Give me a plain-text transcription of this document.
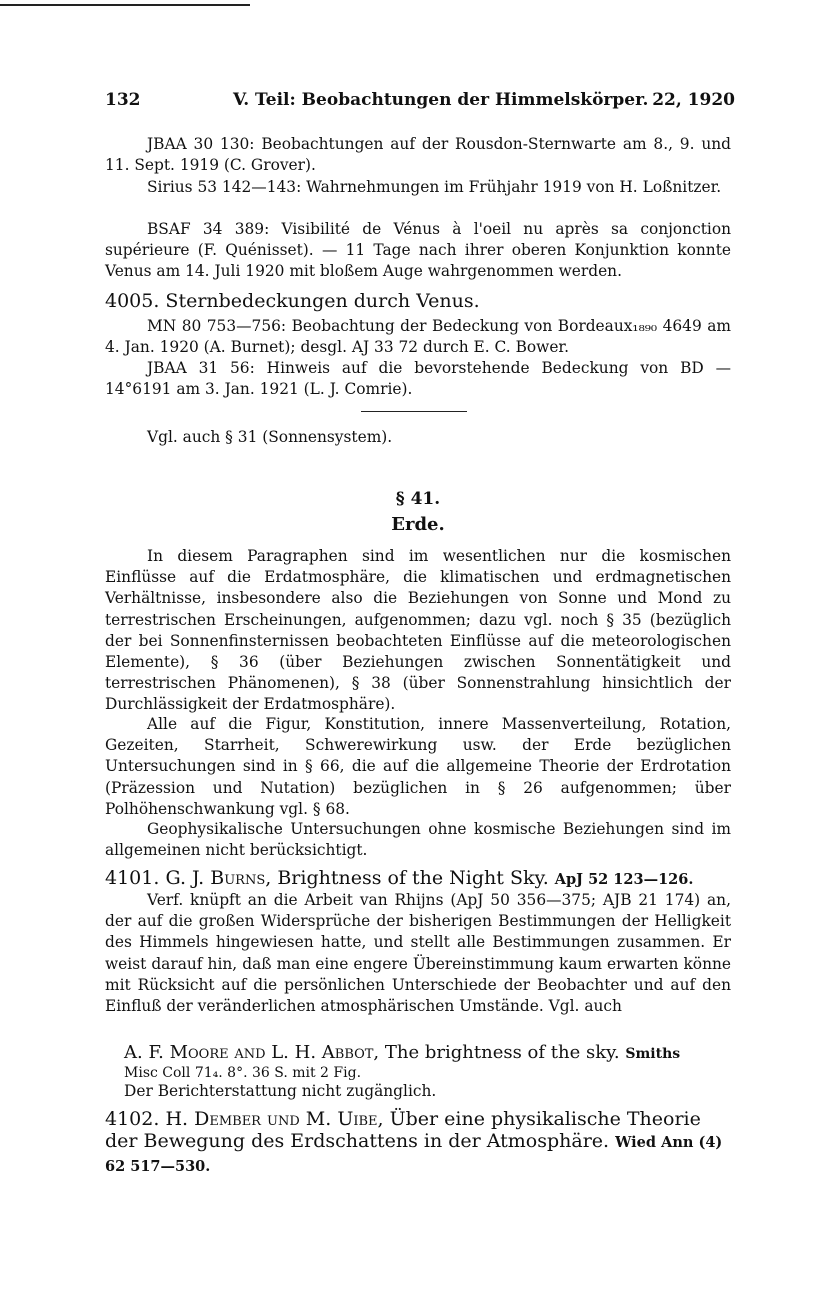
132	V. Teil: Beobachtungen der Himmelskörper. 22, 1920

JBAA 30 130: Beobachtungen auf der Rousdon-Sternwarte am 8., 9. und 11. Sept. 1919 (C. Grover).

Sirius 53 142—143: Wahrnehmungen im Frühjahr 1919 von H. Loßnitzer.

BSAF 34 389: Visibilité de Vénus à l'oeil nu après sa conjonction supérieure (F. Quénisset). — 11 Tage nach ihrer oberen Konjunktion konnte Venus am 14. Juli 1920 mit bloßem Auge wahrgenommen werden.

4005. Sternbedeckungen durch Venus.

MN 80 753—756: Beobachtung der Bedeckung von Bordeaux₁₈₉₀ 4649 am 4. Jan. 1920 (A. Burnet); desgl. AJ 33 72 durch E. C. Bower.

JBAA 31 56: Hinweis auf die bevorstehende Bedeckung von BD — 14°6191 am 3. Jan. 1921 (L. J. Comrie).

Vgl. auch § 31 (Sonnensystem).

§ 41.

Erde.

In diesem Paragraphen sind im wesentlichen nur die kosmischen Einflüsse auf die Erdatmosphäre, die klimatischen und erdmagnetischen Verhältnisse, insbesondere also die Beziehungen von Sonne und Mond zu terrestrischen Erscheinungen, aufgenommen; dazu vgl. noch § 35 (bezüglich der bei Sonnenfinsternissen beobachteten Einflüsse auf die meteorologischen Elemente), § 36 (über Beziehungen zwischen Sonnentätigkeit und terrestrischen Phänomenen), § 38 (über Sonnenstrahlung hinsichtlich der Durchlässigkeit der Erdatmosphäre).

Alle auf die Figur, Konstitution, innere Massenverteilung, Rotation, Gezeiten, Starrheit, Schwerewirkung usw. der Erde bezüglichen Untersuchungen sind in § 66, die auf die allgemeine Theorie der Erdrotation (Präzession und Nutation) bezüglichen in § 26 aufgenommen; über Polhöhenschwankung vgl. § 68.

Geophysikalische Untersuchungen ohne kosmische Beziehungen sind im allgemeinen nicht berücksichtigt.

4101. G. J. Burns, Brightness of the Night Sky. ApJ 52 123—126.

Verf. knüpft an die Arbeit van Rhijns (ApJ 50 356—375; AJB 21 174) an, der auf die großen Widersprüche der bisherigen Bestimmungen der Helligkeit des Himmels hingewiesen hatte, und stellt alle Bestimmungen zusammen. Er weist darauf hin, daß man eine engere Übereinstimmung kaum erwarten könne mit Rücksicht auf die persönlichen Unterschiede der Beobachter und auf den Einfluß der veränderlichen atmosphärischen Umstände. Vgl. auch

A. F. Moore and L. H. Abbot, The brightness of the sky. Smiths

Misc Coll 71₄. 8°. 36 S. mit 2 Fig.

Der Berichterstattung nicht zugänglich.

4102. H. Dember und M. Uibe, Über eine physikalische Theorie der Bewegung des Erdschattens in der Atmosphäre. Wied Ann (4) 62 517—530.
